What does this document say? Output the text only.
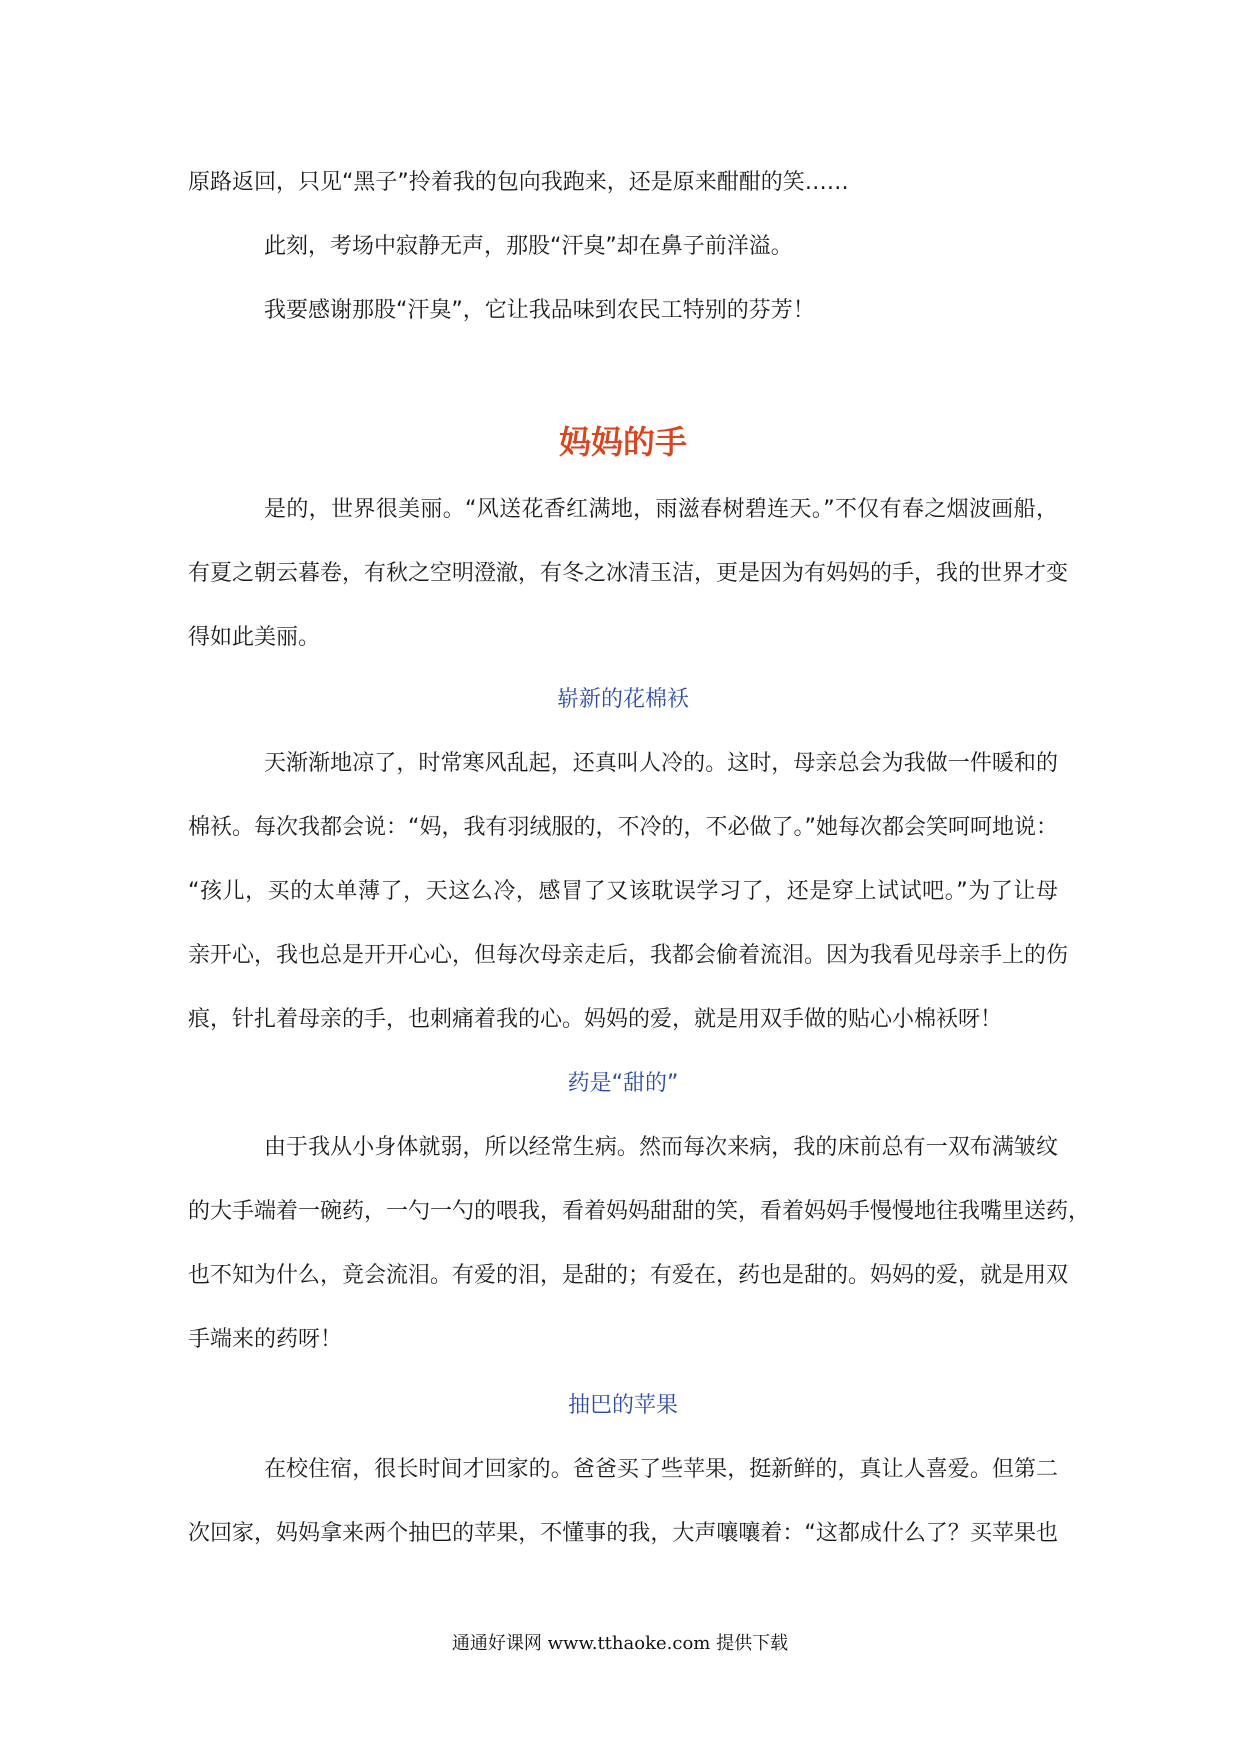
原路返回，只见“黑子”拎着我的包向我跑来，还是原来酣酣的笑……
此刻，考场中寂静无声，那股“汗臭”却在鼻子前洋溢。
我要感谢那股“汗臭”，它让我品味到农民工特别的芬芳！
妈妈的手
是的，世界很美丽。“风送花香红满地，雨滋春树碧连天。”不仅有春之烟波画船，
有夏之朝云暮卷，有秋之空明澄澈，有冬之冰清玉洁，更是因为有妈妈的手，我的世界才变
得如此美丽。
崭新的花棉袄
天渐渐地凉了，时常寒风乱起，还真叫人冷的。这时，母亲总会为我做一件暖和的
棉袄。每次我都会说：“妈，我有羽绒服的，不冷的，不必做了。”她每次都会笑呵呵地说：
“孩儿，买的太单薄了，天这么冷，感冒了又该耽误学习了，还是穿上试试吧。”为了让母
亲开心，我也总是开开心心，但每次母亲走后，我都会偷着流泪。因为我看见母亲手上的伤
痕，针扎着母亲的手，也刺痛着我的心。妈妈的爱，就是用双手做的贴心小棉袄呀！
药是“甜的”
由于我从小身体就弱，所以经常生病。然而每次来病，我的床前总有一双布满皱纹
的大手端着一碗药，一勺一勺的喂我，看着妈妈甜甜的笑，看着妈妈手慢慢地往我嘴里送药，
也不知为什么，竟会流泪。有爱的泪，是甜的；有爱在，药也是甜的。妈妈的爱，就是用双
手端来的药呀！
抽巴的苹果
在校住宿，很长时间才回家的。爸爸买了些苹果，挺新鲜的，真让人喜爱。但第二
次回家，妈妈拿来两个抽巴的苹果，不懂事的我，大声嚷嚷着：“这都成什么了？买苹果也
通通好课网 www.tthaoke.com 提供下载
